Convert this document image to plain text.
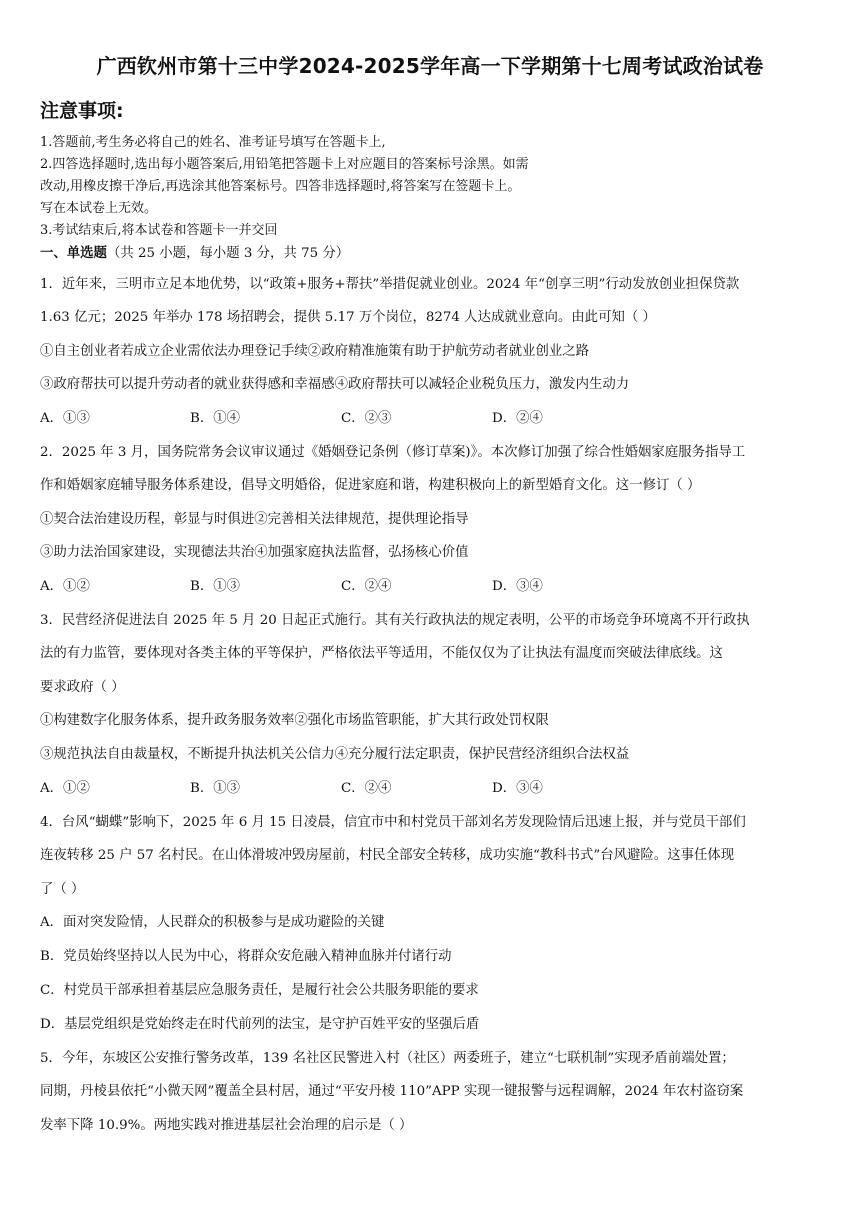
广西钦州市第十三中学2024-2025学年高一下学期第十七周考试政治试卷
注意事项:
1.答题前,考生务必将自己的姓名、准考证号填写在答题卡上,
2.四答选择题时,选出每小题答案后,用铅笔把答题卡上对应题目的答案标号涂黑。如需
改动,用橡皮擦干净后,再选涂其他答案标号。四答非选择题时,将答案写在签题卡上。
写在本试卷上无效。
3.考试结束后,将本试卷和答题卡一并交回
一、单选题（共 25 小题，每小题 3 分，共 75 分）
1．近年来，三明市立足本地优势，以“政策+服务+帮扶”举措促就业创业。2024 年“创享三明”行动发放创业担保贷款
1.63 亿元；2025 年举办 178 场招聘会，提供 5.17 万个岗位，8274 人达成就业意向。由此可知（ ）
①自主创业者若成立企业需依法办理登记手续②政府精准施策有助于护航劳动者就业创业之路
③政府帮扶可以提升劳动者的就业获得感和幸福感④政府帮扶可以减轻企业税负压力，激发内生动力
A．①③	B．①④	C．②③	D．②④
2．2025 年 3 月，国务院常务会议审议通过《婚姻登记条例（修订草案)》。本次修订加强了综合性婚姻家庭服务指导工
作和婚姻家庭辅导服务体系建设，倡导文明婚俗，促进家庭和谐，构建积极向上的新型婚育文化。这一修订（ ）
①契合法治建设历程，彰显与时俱进②完善相关法律规范，提供理论指导
③助力法治国家建设，实现德法共治④加强家庭执法监督，弘扬核心价值
A．①②	B．①③	C．②④	D．③④
3．民营经济促进法自 2025 年 5 月 20 日起正式施行。其有关行政执法的规定表明，公平的市场竞争环境离不开行政执
法的有力监管，要体现对各类主体的平等保护，严格依法平等适用，不能仅仅为了让执法有温度而突破法律底线。这
要求政府（ ）
①构建数字化服务体系，提升政务服务效率②强化市场监管职能，扩大其行政处罚权限
③规范执法自由裁量权，不断提升执法机关公信力④充分履行法定职责，保护民营经济组织合法权益
A．①②	B．①③	C．②④	D．③④
4．台风“蝴蝶”影响下，2025 年 6 月 15 日凌晨，信宜市中和村党员干部刘名芳发现险情后迅速上报，并与党员干部们
连夜转移 25 户 57 名村民。在山体滑坡冲毁房屋前，村民全部安全转移，成功实施“教科书式”台风避险。这事任体现
了（ ）
A．面对突发险情，人民群众的积极参与是成功避险的关键
B．党员始终坚持以人民为中心，将群众安危融入精神血脉并付诸行动
C．村党员干部承担着基层应急服务责任，是履行社会公共服务职能的要求
D．基层党组织是党始终走在时代前列的法宝，是守护百姓平安的坚强后盾
5．今年，东坡区公安推行警务改革，139 名社区民警进入村（社区）两委班子，建立“七联机制”实现矛盾前端处置；
同期，丹棱县依托“小微天网”覆盖全县村居，通过“平安丹棱 110”APP 实现一键报警与远程调解，2024 年农村盗窃案
发率下降 10.9%。两地实践对推进基层社会治理的启示是（ ）
